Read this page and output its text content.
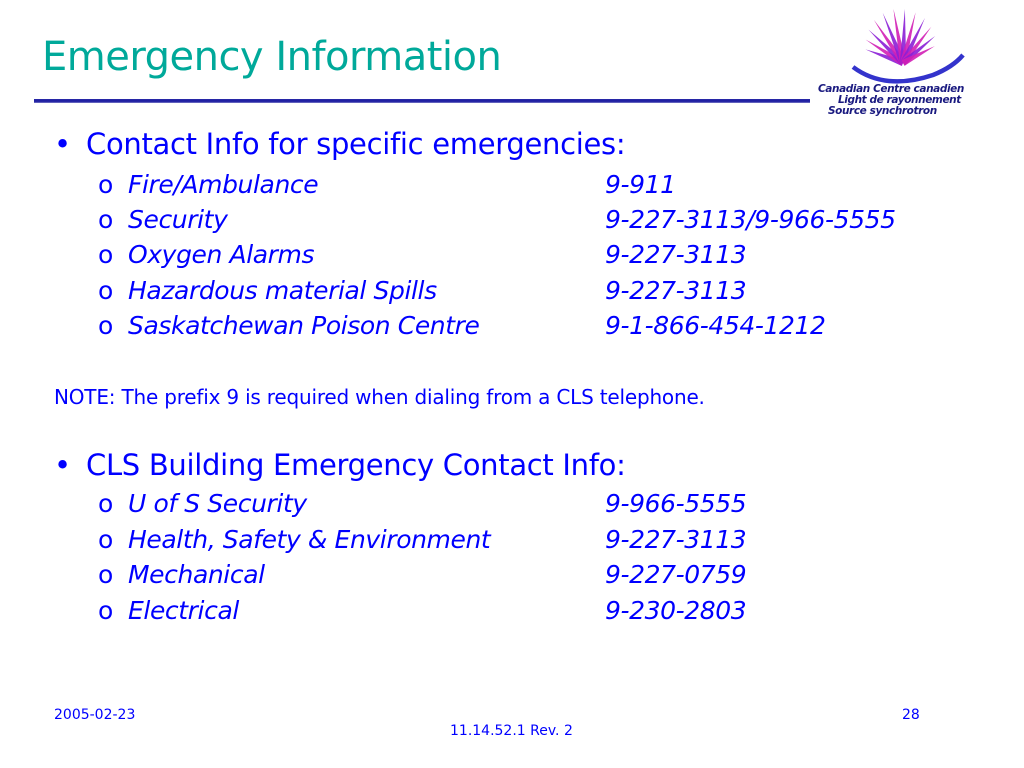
Emergency Information
Canadian Centre canadien
Light de rayonnement
Source synchrotron
• Contact Info for specific emergencies:
o Fire/Ambulance	9-911
o Security	9-227-3113/9-966-5555
o Oxygen Alarms	9-227-3113
o Hazardous material Spills	9-227-3113
o Saskatchewan Poison Centre	9-1-866-454-1212
NOTE: The prefix 9 is required when dialing from a CLS telephone.
• CLS Building Emergency Contact Info:
o U of S Security	9-966-5555
o Health, Safety & Environment	9-227-3113
o Mechanical	9-227-0759
o Electrical	9-230-2803
2005-02-23
11.14.52.1 Rev. 2
28
